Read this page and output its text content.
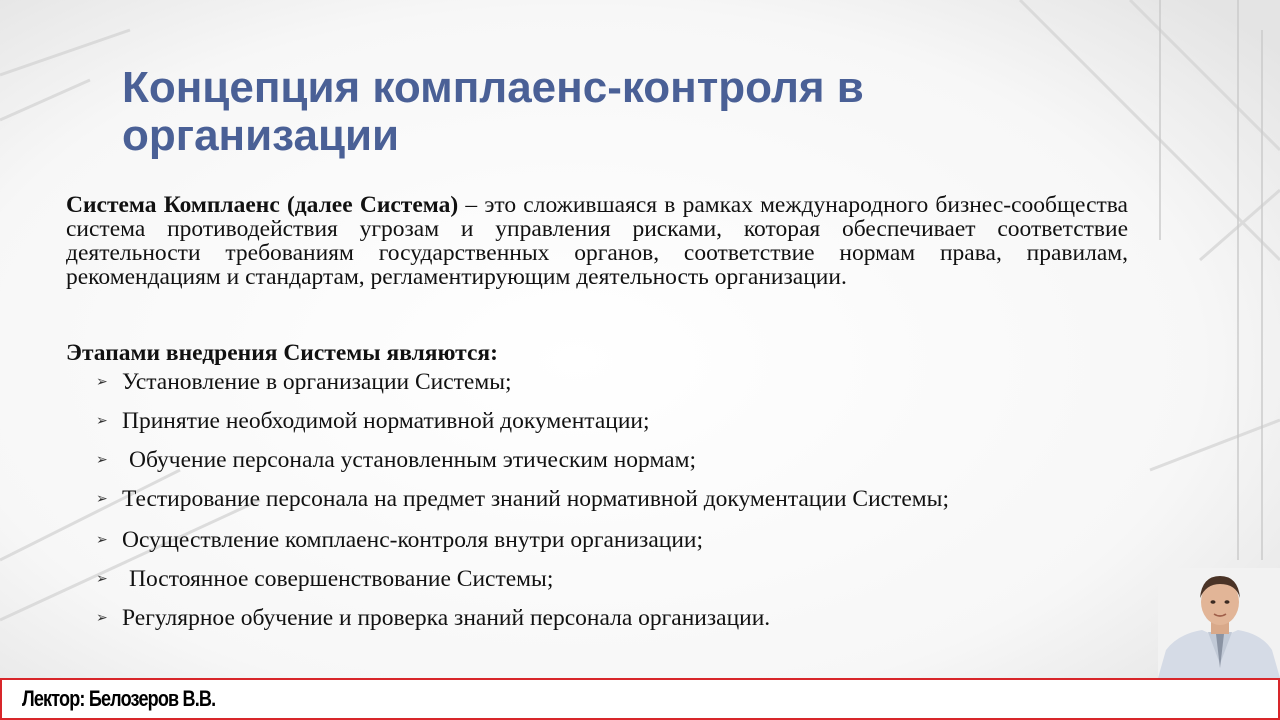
Концепция комплаенс-контроля в организации

Система Комплаенс (далее Система) – это сложившаяся в рамках международного бизнес-сообщества система противодействия угрозам и управления рисками, которая обеспечивает соответствие деятельности требованиям государственных органов, соответствие нормам права, правилам, рекомендациям и стандартам, регламентирующим деятельность организации.

Этапами внедрения Системы являются:

➢ Установление в организации Системы;
➢ Принятие необходимой нормативной документации;
➢ Обучение персонала установленным этическим нормам;
➢ Тестирование персонала на предмет знаний нормативной документации Системы;
➢ Осуществление комплаенс-контроля внутри организации;
➢ Постоянное совершенствование Системы;
➢ Регулярное обучение и проверка знаний персонала организации.
Лектор: Белозеров В.В.
